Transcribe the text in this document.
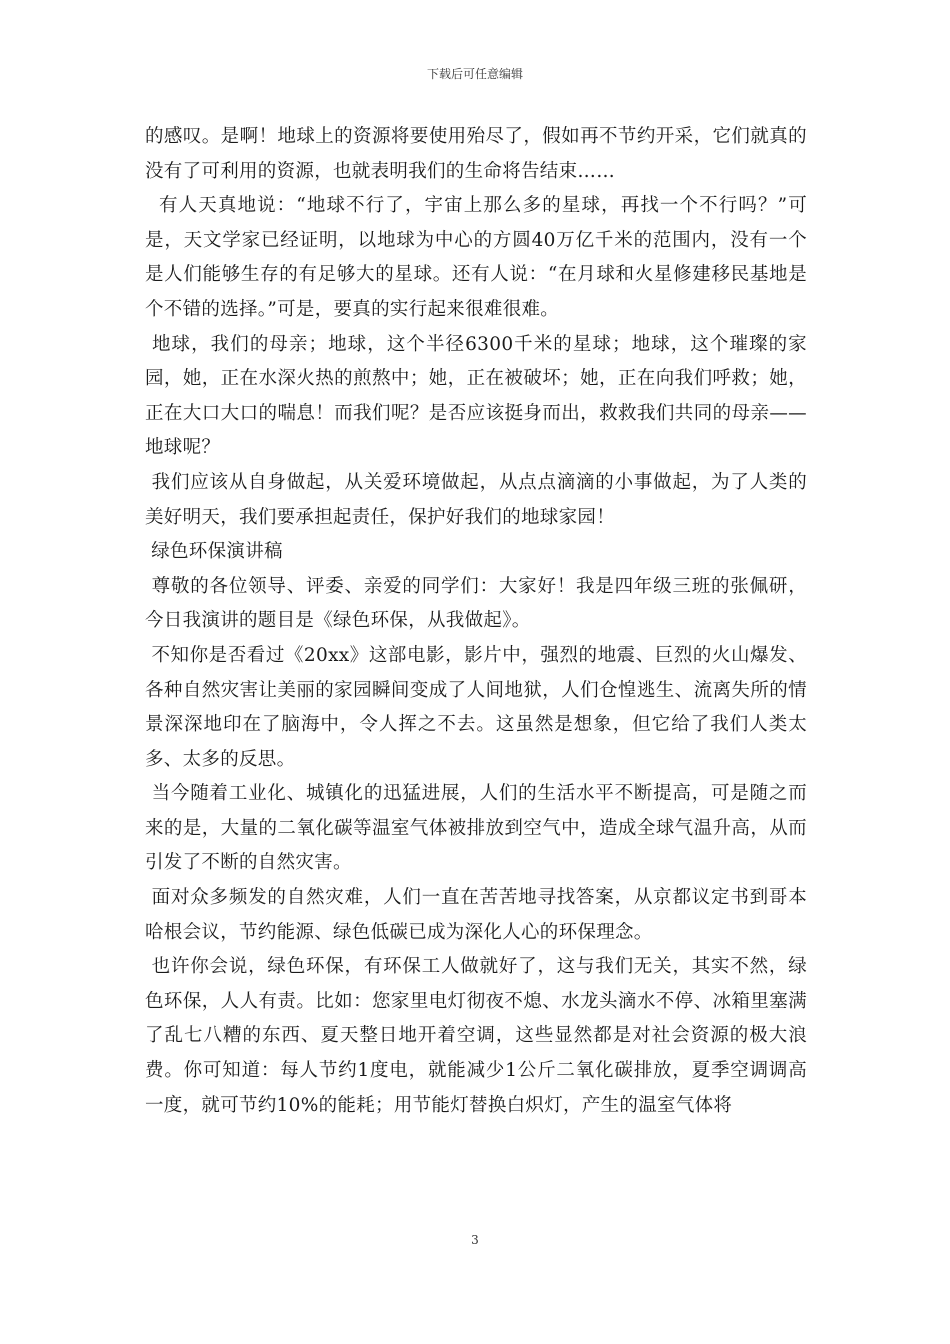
下载后可任意编辑

的感叹。是啊！地球上的资源将要使用殆尽了，假如再不节约开采，它们就真的没有了可利用的资源，也就表明我们的生命将告结束……

有人天真地说：“地球不行了，宇宙上那么多的星球，再找一个不行吗？”可是，天文学家已经证明，以地球为中心的方圆40万亿千米的范围内，没有一个是人们能够生存的有足够大的星球。还有人说：“在月球和火星修建移民基地是个不错的选择。”可是，要真的实行起来很难很难。

地球，我们的母亲；地球，这个半径6300千米的星球；地球，这个璀璨的家园，她，正在水深火热的煎熬中；她，正在被破坏；她，正在向我们呼救；她，正在大口大口的喘息！而我们呢？是否应该挺身而出，救救我们共同的母亲——地球呢？

我们应该从自身做起，从关爱环境做起，从点点滴滴的小事做起，为了人类的美好明天，我们要承担起责任，保护好我们的地球家园！

绿色环保演讲稿

尊敬的各位领导、评委、亲爱的同学们：大家好！我是四年级三班的张佩研，今日我演讲的题目是《绿色环保，从我做起》。

不知你是否看过《20xx》这部电影，影片中，强烈的地震、巨烈的火山爆发、各种自然灾害让美丽的家园瞬间变成了人间地狱，人们仓惶逃生、流离失所的情景深深地印在了脑海中，令人挥之不去。这虽然是想象，但它给了我们人类太多、太多的反思。

当今随着工业化、城镇化的迅猛进展，人们的生活水平不断提高，可是随之而来的是，大量的二氧化碳等温室气体被排放到空气中，造成全球气温升高，从而引发了不断的自然灾害。

面对众多频发的自然灾难，人们一直在苦苦地寻找答案，从京都议定书到哥本哈根会议，节约能源、绿色低碳已成为深化人心的环保理念。

也许你会说，绿色环保，有环保工人做就好了，这与我们无关，其实不然，绿色环保，人人有责。比如：您家里电灯彻夜不熄、水龙头滴水不停、冰箱里塞满了乱七八糟的东西、夏天整日地开着空调，这些显然都是对社会资源的极大浪费。你可知道：每人节约1度电，就能减少1公斤二氧化碳排放，夏季空调调高一度，就可节约10%的能耗；用节能灯替换白炽灯，产生的温室气体将

3
